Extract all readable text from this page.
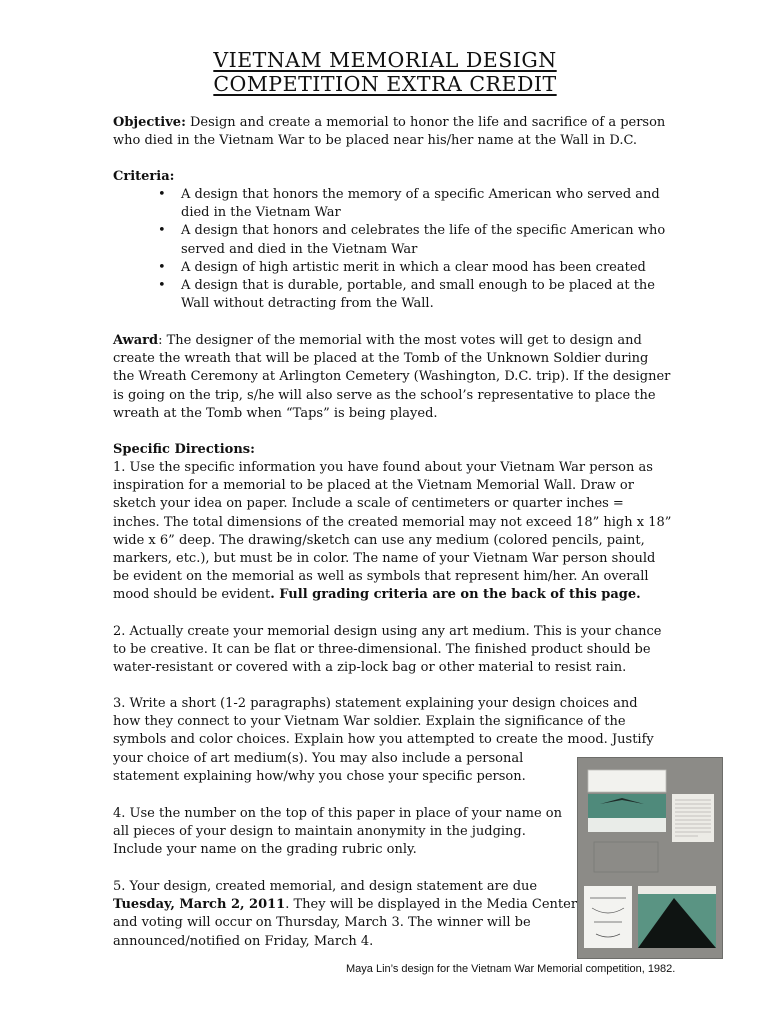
VIETNAM MEMORIAL DESIGN
COMPETITION EXTRA CREDIT

Objective: Design and create a memorial to honor the life and sacrifice of a person who died in the Vietnam War to be placed near his/her name at the Wall in D.C.

Criteria:

• A design that honors the memory of a specific American who served and died in the Vietnam War
• A design that honors and celebrates the life of the specific American who served and died in the Vietnam War
• A design of high artistic merit in which a clear mood has been created
• A design that is durable, portable, and small enough to be placed at the Wall without detracting from the Wall.

Award: The designer of the memorial with the most votes will get to design and create the wreath that will be placed at the Tomb of the Unknown Soldier during the Wreath Ceremony at Arlington Cemetery (Washington, D.C. trip). If the designer is going on the trip, s/he will also serve as the school’s representative to place the wreath at the Tomb when “Taps” is being played.

Specific Directions:

1. Use the specific information you have found about your Vietnam War person as inspiration for a memorial to be placed at the Vietnam Memorial Wall. Draw or sketch your idea on paper. Include a scale of centimeters or quarter inches = inches. The total dimensions of the created memorial may not exceed 18” high x 18” wide x 6” deep. The drawing/sketch can use any medium (colored pencils, paint, markers, etc.), but must be in color. The name of your Vietnam War person should be evident on the memorial as well as symbols that represent him/her. An overall mood should be evident. Full grading criteria are on the back of this page.

2. Actually create your memorial design using any art medium. This is your chance to be creative. It can be flat or three-dimensional. The finished product should be water-resistant or covered with a zip-lock bag or other material to resist rain.

3. Write a short (1-2 paragraphs) statement explaining your design choices and
how they connect to your Vietnam War soldier. Explain the significance of the
symbols and color choices. Explain how you attempted to create the mood. Justify
your choice of art medium(s). You may also include a personal
statement explaining how/why you chose your specific person.
4. Use the number on the top of this paper in place of your name on
all pieces of your design to maintain anonymity in the judging.
Include your name on the grading rubric only.
5. Your design, created memorial, and design statement are due
Tuesday, March 2, 2011. They will be displayed in the Media Center
and voting will occur on Thursday, March 3. The winner will be
announced/notified on Friday, March 4.
Maya Lin’s design for the Vietnam War Memorial competition, 1982.
